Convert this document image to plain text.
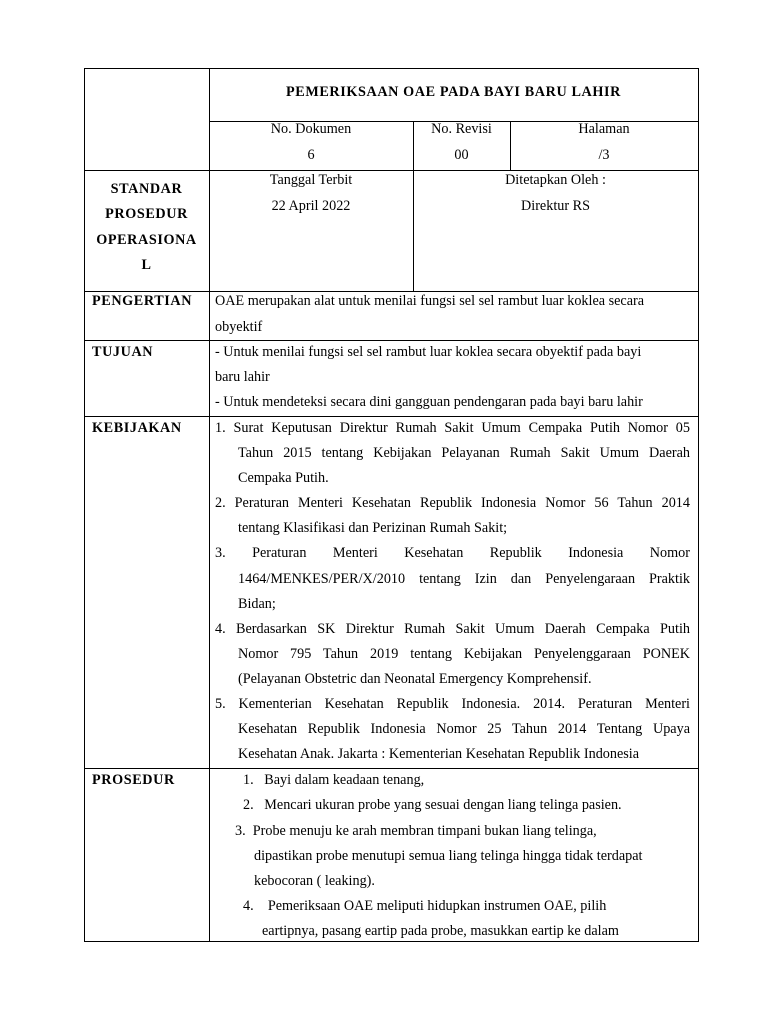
PEMERIKSAAN OAE PADA BAYI BARU LAHIR
No. Dokumen
6
No. Revisi
00
Halaman
/3
Tanggal Terbit
22 April 2022
Ditetapkan Oleh :
Direktur RS
STANDAR
PROSEDUR
OPERASIONA
L
PENGERTIAN OAE merupakan alat untuk menilai fungsi sel sel rambut luar koklea secara
obyektif
TUJUAN	- Untuk menilai fungsi sel sel rambut luar koklea secara obyektif pada bayi
baru lahir
- Untuk mendeteksi secara dini gangguan pendengaran pada bayi baru lahir
KEBIJAKAN 1. Surat Keputusan Direktur Rumah Sakit Umum Cempaka Putih Nomor 05
Tahun 2015 tentang Kebijakan Pelayanan Rumah Sakit Umum Daerah
Cempaka Putih.
2. Peraturan Menteri Kesehatan Republik Indonesia Nomor 56 Tahun 2014
tentang Klasifikasi dan Perizinan Rumah Sakit;
3. Peraturan Menteri Kesehatan Republik Indonesia Nomor
1464/MENKES/PER/X/2010 tentang Izin dan Penyelengaraan Praktik
Bidan;
4. Berdasarkan SK Direktur Rumah Sakit Umum Daerah Cempaka Putih
Nomor 795 Tahun 2019 tentang Kebijakan Penyelenggaraan PONEK
(Pelayanan Obstetric dan Neonatal Emergency Komprehensif.
5. Kementerian Kesehatan Republik Indonesia. 2014. Peraturan Menteri
Kesehatan Republik Indonesia Nomor 25 Tahun 2014 Tentang Upaya
Kesehatan Anak. Jakarta : Kementerian Kesehatan Republik Indonesia
PROSEDUR	1.   Bayi dalam keadaan tenang,
2.   Mencari ukuran probe yang sesuai dengan liang telinga pasien.
3.  Probe menuju ke arah membran timpani bukan liang telinga,
dipastikan probe menutupi semua liang telinga hingga tidak terdapat
kebocoran ( leaking).
4.    Pemeriksaan OAE meliputi hidupkan instrumen OAE, pilih
eartipnya, pasang eartip pada probe, masukkan eartip ke dalam
